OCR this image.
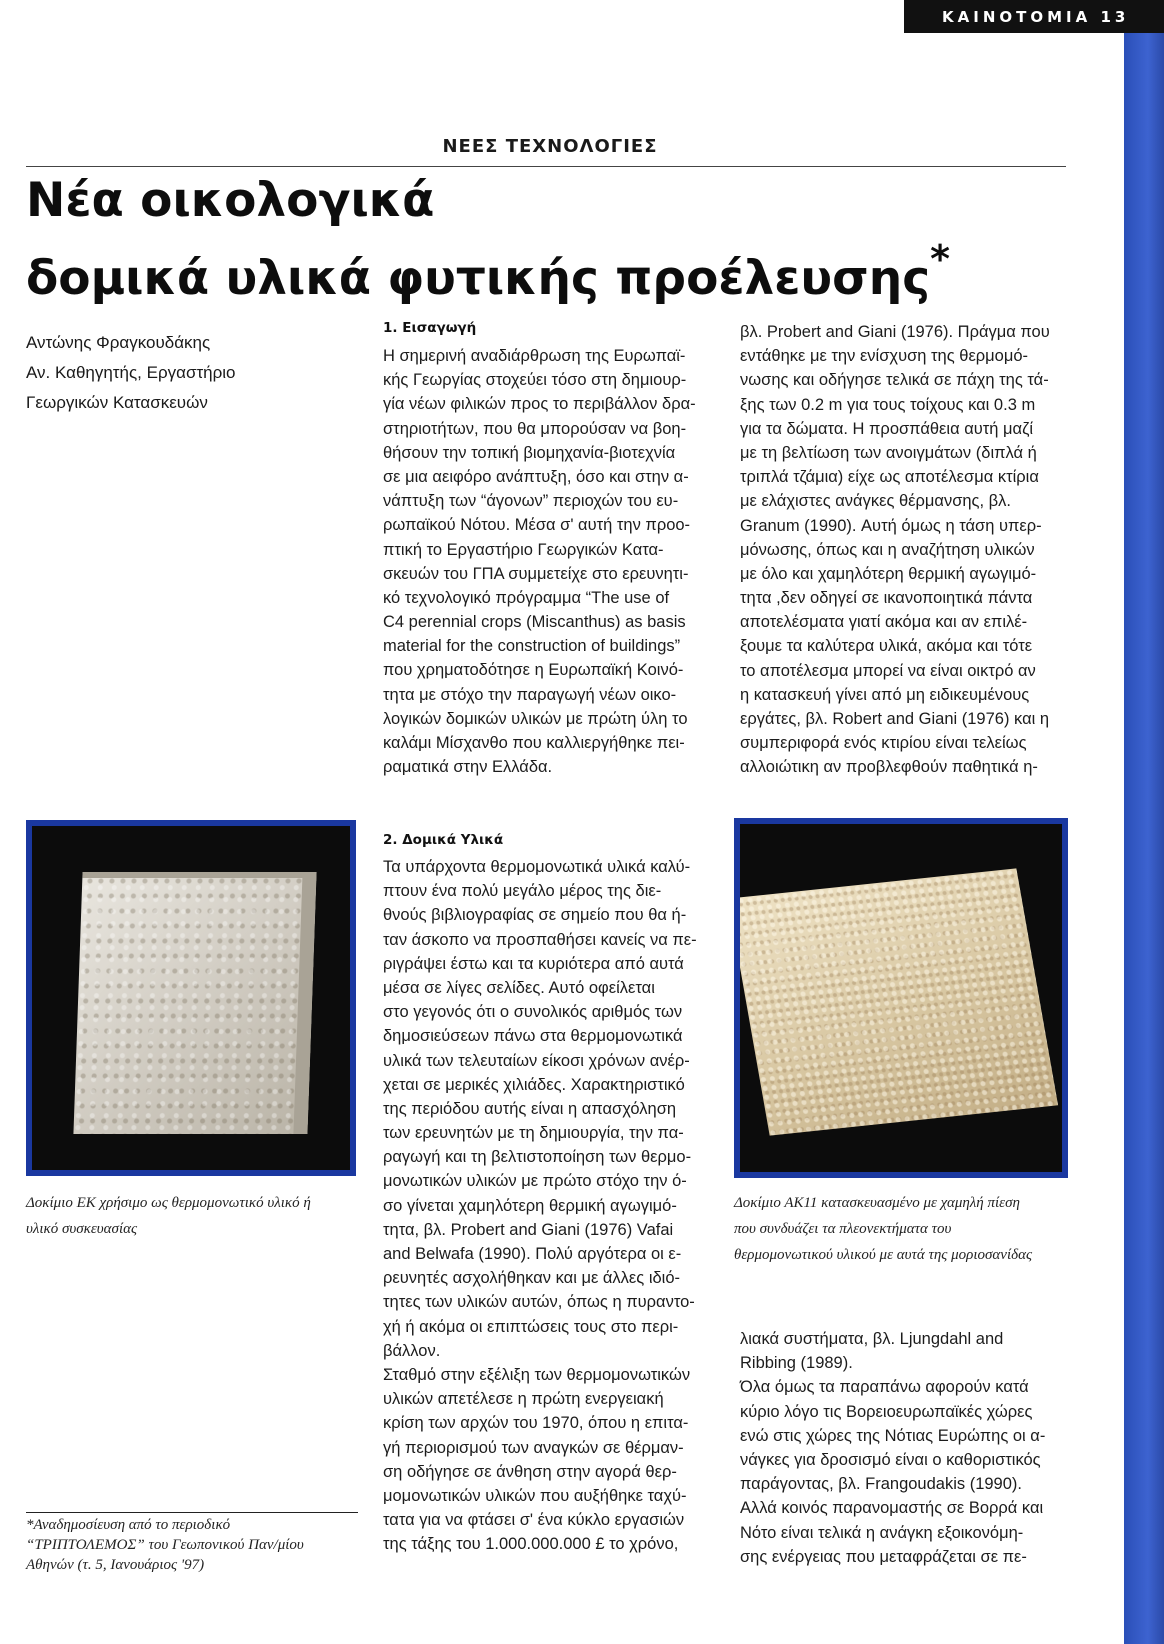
ΚΑΙΝΟΤΟΜΙΑ 13
ΝΕΕΣ ΤΕΧΝΟΛΟΓΙΕΣ
Νέα οικολογικά
δομικά υλικά φυτικής προέλευσης*
Αντώνης Φραγκουδάκης
Αν. Καθηγητής, Εργαστήριο
Γεωργικών Κατασκευών
1. Εισαγωγή
Η σημερινή αναδιάρθρωση της Ευρωπαϊ-
κής Γεωργίας στοχεύει τόσο στη δημιουρ-
γία νέων φιλικών προς το περιβάλλον δρα-
στηριοτήτων, που θα μπορούσαν να βοη-
θήσουν την τοπική βιομηχανία-βιοτεχνία
σε μια αειφόρο ανάπτυξη, όσο και στην α-
νάπτυξη των “άγονων” περιοχών του ευ-
ρωπαϊκού Νότου. Μέσα σ' αυτή την προο-
πτική το Εργαστήριο Γεωργικών Κατα-
σκευών του ΓΠΑ συμμετείχε στο ερευνητι-
κό τεχνολογικό πρόγραμμα “The use of
C4 perennial crops (Miscanthus) as basis
material for the construction of buildings”
που χρηματοδότησε η Ευρωπαϊκή Κοινό-
τητα με στόχο την παραγωγή νέων οικο-
λογικών δομικών υλικών με πρώτη ύλη το
καλάμι Μίσχανθο που καλλιεργήθηκε πει-
ραματικά στην Ελλάδα.
2. Δομικά Υλικά
Τα υπάρχοντα θερμομονωτικά υλικά καλύ-
πτουν ένα πολύ μεγάλο μέρος της διε-
θνούς βιβλιογραφίας σε σημείο που θα ή-
ταν άσκοπο να προσπαθήσει κανείς να πε-
ριγράψει έστω και τα κυριότερα από αυτά
μέσα σε λίγες σελίδες. Αυτό οφείλεται
στο γεγονός ότι ο συνολικός αριθμός των
δημοσιεύσεων πάνω στα θερμομονωτικά
υλικά των τελευταίων είκοσι χρόνων ανέρ-
χεται σε μερικές χιλιάδες. Χαρακτηριστικό
της περιόδου αυτής είναι η απασχόληση
των ερευνητών με τη δημιουργία, την πα-
ραγωγή και τη βελτιστοποίηση των θερμο-
μονωτικών υλικών με πρώτο στόχο την ό-
σο γίνεται χαμηλότερη θερμική αγωγιμό-
τητα, βλ. Probert and Giani (1976) Vafai
and Belwafa (1990). Πολύ αργότερα οι ε-
ρευνητές ασχολήθηκαν και με άλλες ιδιό-
τητες των υλικών αυτών, όπως η πυραντο-
χή ή ακόμα οι επιπτώσεις τους στο περι-
βάλλον.
Σταθμό στην εξέλιξη των θερμομονωτικών
υλικών απετέλεσε η πρώτη ενεργειακή
κρίση των αρχών του 1970, όπου η επιτα-
γή περιορισμού των αναγκών σε θέρμαν-
ση οδήγησε σε άνθηση στην αγορά θερ-
μομονωτικών υλικών που αυξήθηκε ταχύ-
τατα για να φτάσει σ' ένα κύκλο εργασιών
της τάξης του 1.000.000.000 £ το χρόνο,
βλ. Probert and Giani (1976). Πράγμα που
εντάθηκε με την ενίσχυση της θερμομό-
νωσης και οδήγησε τελικά σε πάχη της τά-
ξης των 0.2 m για τους τοίχους και 0.3 m
για τα δώματα. Η προσπάθεια αυτή μαζί
με τη βελτίωση των ανοιγμάτων (διπλά ή
τριπλά τζάμια) είχε ως αποτέλεσμα κτίρια
με ελάχιστες ανάγκες θέρμανσης, βλ.
Granum (1990). Αυτή όμως η τάση υπερ-
μόνωσης, όπως και η αναζήτηση υλικών
με όλο και χαμηλότερη θερμική αγωγιμό-
τητα ,δεν οδηγεί σε ικανοποιητικά πάντα
αποτελέσματα γιατί ακόμα και αν επιλέ-
ξουμε τα καλύτερα υλικά, ακόμα και τότε
το αποτέλεσμα μπορεί να είναι οικτρό αν
η κατασκευή γίνει από μη ειδικευμένους
εργάτες, βλ. Robert and Giani (1976) και η
συμπεριφορά ενός κτιρίου είναι τελείως
αλλοιώτικη αν προβλεφθούν παθητικά η-
λιακά συστήματα, βλ. Ljungdahl and
Ribbing (1989).
Όλα όμως τα παραπάνω αφορούν κατά
κύριο λόγο τις Βορειοευρωπαϊκές χώρες
ενώ στις χώρες της Νότιας Ευρώπης οι α-
νάγκες για δροσισμό είναι ο καθοριστικός
παράγοντας, βλ. Frangoudakis (1990).
Αλλά κοινός παρανομαστής σε Βορρά και
Νότο είναι τελικά η ανάγκη εξοικονόμη-
σης ενέργειας που μεταφράζεται σε πε-
Δοκίμιο ΕΚ χρήσιμο ως θερμομονωτικό υλικό ή
υλικό συσκευασίας
Δοκίμιο ΑΚ11 κατασκευασμένο με χαμηλή πίεση
που συνδυάζει τα πλεονεκτήματα του
θερμομονωτικού υλικού με αυτά της μοριοσανίδας
*Αναδημοσίευση από το περιοδικό
“ΤΡΙΠΤΟΛΕΜΟΣ” του Γεωπονικού Παν/μίου
Αθηνών (τ. 5, Ιανουάριος '97)
